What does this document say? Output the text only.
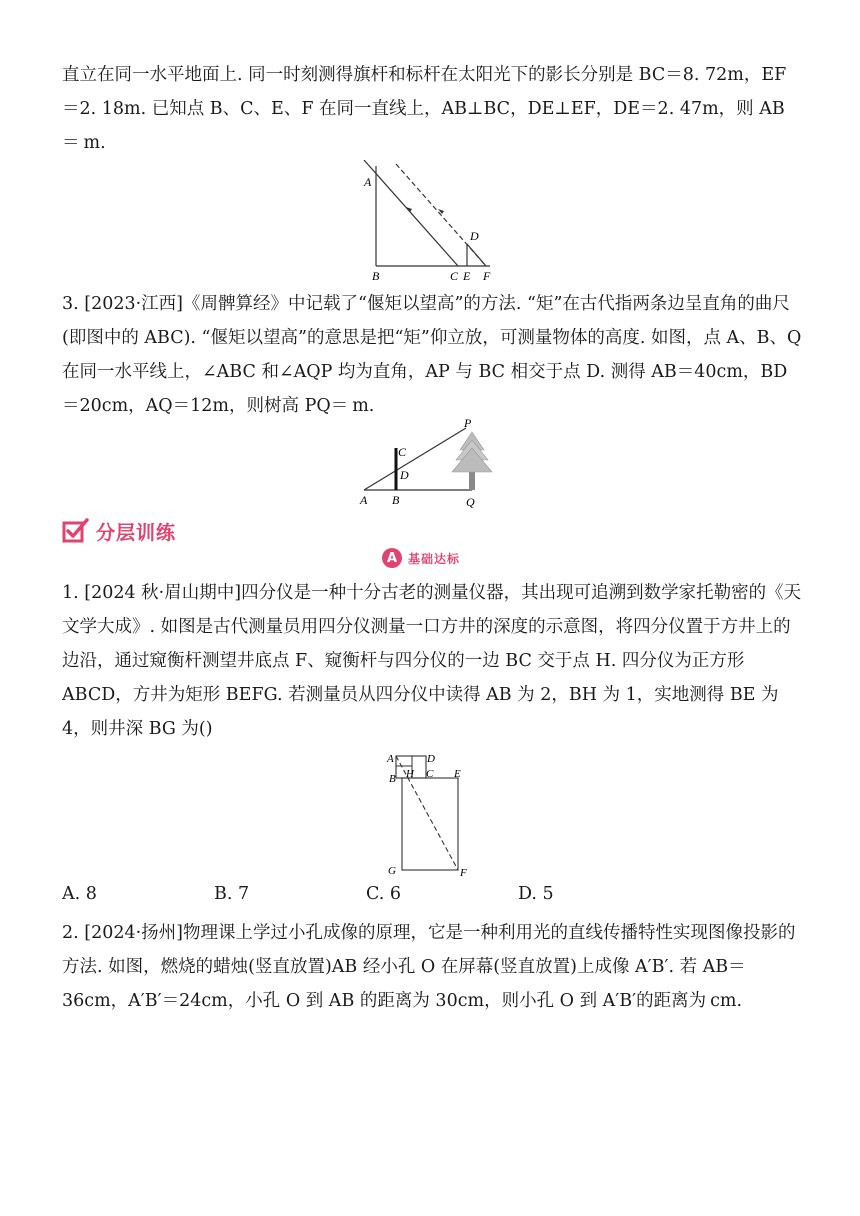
直立在同一水平地面上. 同一时刻测得旗杆和标杆在太阳光下的影长分别是 BC＝8. 72m，EF＝2. 18m. 已知点 B、C、E、F 在同一直线上，AB⊥BC，DE⊥EF，DE＝2. 47m，则 AB＝ m.
A
B	C
D
E F
3. [2023·江西]《周髀算经》中记载了“偃矩以望高”的方法. “矩”在古代指两条边呈直角的曲尺(即图中的 ABC). “偃矩以望高”的意思是把“矩”仰立放，可测量物体的高度. 如图，点 A、B、Q 在同一水平线上，∠ABC 和∠AQP 均为直角，AP 与 BC 相交于点 D. 测得 AB＝40cm，BD＝20cm，AQ＝12m，则树高 PQ＝ m.
C
D
A B
P
Q
分层训练
A 基础达标
1. [2024 秋·眉山期中]四分仪是一种十分古老的测量仪器，其出现可追溯到数学家托勒密的《天文学大成》. 如图是古代测量员用四分仪测量一口方井的深度的示意图，将四分仪置于方井上的边沿，通过窥衡杆测望井底点 F、窥衡杆与四分仪的一边 BC 交于点 H. 四分仪为正方形 ABCD，方井为矩形 BEFG. 若测量员从四分仪中读得 AB 为 2，BH 为 1，实地测得 BE 为 4，则井深 BG 为()
A	D
B H C E
G	F
A. 8	B. 7	C. 6	D. 5
2. [2024·扬州]物理课上学过小孔成像的原理，它是一种利用光的直线传播特性实现图像投影的方法. 如图，燃烧的蜡烛(竖直放置)AB 经小孔 O 在屏幕(竖直放置)上成像 A′B′. 若 AB＝36cm，A′B′＝24cm，小孔 O 到 AB 的距离为 30cm，则小孔 O 到 A′B′的距离为 cm.
